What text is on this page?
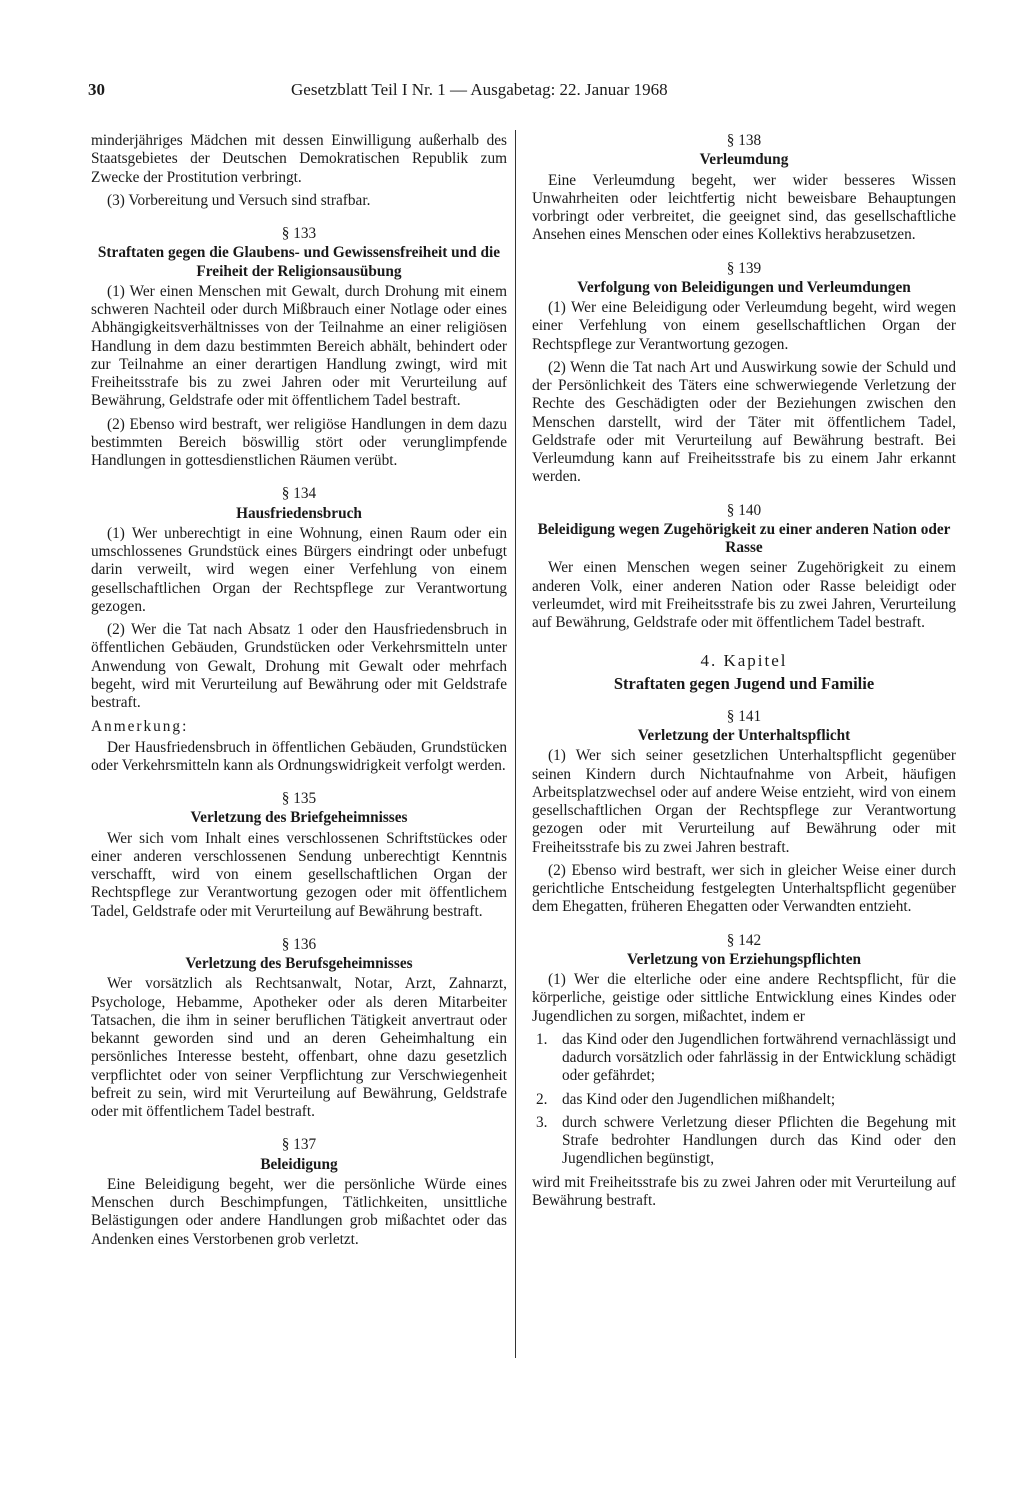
30	Gesetzblatt Teil I Nr. 1 — Ausgabetag: 22. Januar 1968

minderjähriges Mädchen mit dessen Einwilligung außerhalb des Staatsgebietes der Deutschen Demokratischen Republik zum Zwecke der Prostitution verbringt.

(3) Vorbereitung und Versuch sind strafbar.

§ 133
Straftaten gegen die Glaubens- und Gewissensfreiheit und die Freiheit der Religionsausübung

(1) Wer einen Menschen mit Gewalt, durch Drohung mit einem schweren Nachteil oder durch Mißbrauch einer Notlage oder eines Abhängigkeitsverhältnisses von der Teilnahme an einer religiösen Handlung in dem dazu bestimmten Bereich abhält, behindert oder zur Teilnahme an einer derartigen Handlung zwingt, wird mit Freiheitsstrafe bis zu zwei Jahren oder mit Verurteilung auf Bewährung, Geldstrafe oder mit öffentlichem Tadel bestraft.

(2) Ebenso wird bestraft, wer religiöse Handlungen in dem dazu bestimmten Bereich böswillig stört oder verunglimpfende Handlungen in gottesdienstlichen Räumen verübt.

§ 134
Hausfriedensbruch

(1) Wer unberechtigt in eine Wohnung, einen Raum oder ein umschlossenes Grundstück eines Bürgers eindringt oder unbefugt darin verweilt, wird wegen einer Verfehlung von einem gesellschaftlichen Organ der Rechtspflege zur Verantwortung gezogen.

(2) Wer die Tat nach Absatz 1 oder den Hausfriedensbruch in öffentlichen Gebäuden, Grundstücken oder Verkehrsmitteln unter Anwendung von Gewalt, Drohung mit Gewalt oder mehrfach begeht, wird mit Verurteilung auf Bewährung oder mit Geldstrafe bestraft.

Anmerkung:

Der Hausfriedensbruch in öffentlichen Gebäuden, Grundstücken oder Verkehrsmitteln kann als Ordnungswidrigkeit verfolgt werden.

§ 135
Verletzung des Briefgeheimnisses

Wer sich vom Inhalt eines verschlossenen Schriftstückes oder einer anderen verschlossenen Sendung unberechtigt Kenntnis verschafft, wird von einem gesellschaftlichen Organ der Rechtspflege zur Verantwortung gezogen oder mit öffentlichem Tadel, Geldstrafe oder mit Verurteilung auf Bewährung bestraft.

§ 136
Verletzung des Berufsgeheimnisses

Wer vorsätzlich als Rechtsanwalt, Notar, Arzt, Zahnarzt, Psychologe, Hebamme, Apotheker oder als deren Mitarbeiter Tatsachen, die ihm in seiner beruflichen Tätigkeit anvertraut oder bekannt geworden sind und an deren Geheimhaltung ein persönliches Interesse besteht, offenbart, ohne dazu gesetzlich verpflichtet oder von seiner Verpflichtung zur Verschwiegenheit befreit zu sein, wird mit Verurteilung auf Bewährung, Geldstrafe oder mit öffentlichem Tadel bestraft.

§ 137
Beleidigung

Eine Beleidigung begeht, wer die persönliche Würde eines Menschen durch Beschimpfungen, Tätlichkeiten, unsittliche Belästigungen oder andere Handlungen grob mißachtet oder das Andenken eines Verstorbenen grob verletzt.

§ 138
Verleumdung

Eine Verleumdung begeht, wer wider besseres Wissen Unwahrheiten oder leichtfertig nicht beweisbare Behauptungen vorbringt oder verbreitet, die geeignet sind, das gesellschaftliche Ansehen eines Menschen oder eines Kollektivs herabzusetzen.

§ 139
Verfolgung von Beleidigungen und Verleumdungen

(1) Wer eine Beleidigung oder Verleumdung begeht, wird wegen einer Verfehlung von einem gesellschaftlichen Organ der Rechtspflege zur Verantwortung gezogen.

(2) Wenn die Tat nach Art und Auswirkung sowie der Schuld und der Persönlichkeit des Täters eine schwerwiegende Verletzung der Rechte des Geschädigten oder der Beziehungen zwischen den Menschen darstellt, wird der Täter mit öffentlichem Tadel, Geldstrafe oder mit Verurteilung auf Bewährung bestraft. Bei Verleumdung kann auf Freiheitsstrafe bis zu einem Jahr erkannt werden.

§ 140
Beleidigung wegen Zugehörigkeit zu einer anderen Nation oder Rasse

Wer einen Menschen wegen seiner Zugehörigkeit zu einem anderen Volk, einer anderen Nation oder Rasse beleidigt oder verleumdet, wird mit Freiheitsstrafe bis zu zwei Jahren, Verurteilung auf Bewährung, Geldstrafe oder mit öffentlichem Tadel bestraft.

4. Kapitel
Straftaten gegen Jugend und Familie
§ 141
Verletzung der Unterhaltspflicht

(1) Wer sich seiner gesetzlichen Unterhaltspflicht gegenüber seinen Kindern durch Nichtaufnahme von Arbeit, häufigen Arbeitsplatzwechsel oder auf andere Weise entzieht, wird von einem gesellschaftlichen Organ der Rechtspflege zur Verantwortung gezogen oder mit Verurteilung auf Bewährung oder mit Freiheitsstrafe bis zu zwei Jahren bestraft.

(2) Ebenso wird bestraft, wer sich in gleicher Weise einer durch gerichtliche Entscheidung festgelegten Unterhaltspflicht gegenüber dem Ehegatten, früheren Ehegatten oder Verwandten entzieht.

§ 142
Verletzung von Erziehungspflichten

(1) Wer die elterliche oder eine andere Rechtspflicht, für die körperliche, geistige oder sittliche Entwicklung eines Kindes oder Jugendlichen zu sorgen, mißachtet, indem er

1. das Kind oder den Jugendlichen fortwährend vernachlässigt und dadurch vorsätzlich oder fahrlässig in der Entwicklung schädigt oder gefährdet;
2. das Kind oder den Jugendlichen mißhandelt;
3. durch schwere Verletzung dieser Pflichten die Begehung mit Strafe bedrohter Handlungen durch das Kind oder den Jugendlichen begünstigt,

wird mit Freiheitsstrafe bis zu zwei Jahren oder mit Verurteilung auf Bewährung bestraft.
